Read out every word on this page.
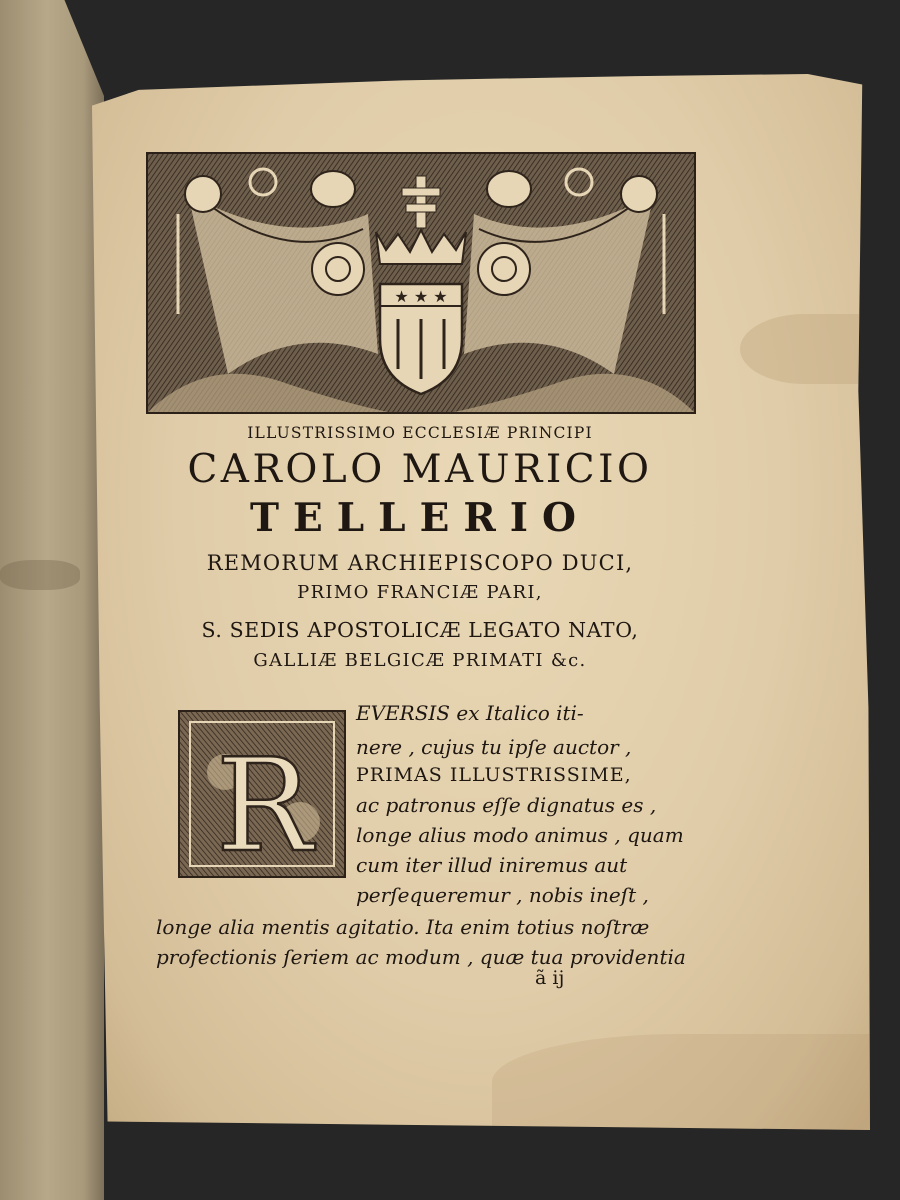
★ ★ ★

ILLUSTRISSIMO ECCLESIÆ PRINCIPI

CAROLO MAURICIO

TELLERIO

REMORUM ARCHIEPISCOPO DUCI,

PRIMO FRANCIÆ PARI,

S. SEDIS APOSTOLICÆ LEGATO NATO,

GALLIÆ BELGICÆ PRIMATI &c.

R

EVERSIS ex Italico iti-

nere , cujus tu ipſe auctor ,

PRIMAS ILLUSTRISSIME,

ac patronus eſſe dignatus es ,

longe alius modo animus , quam

cum iter illud iniremus aut

perſequeremur , nobis ineſt ,

longe alia mentis agitatio. Ita enim totius noſtræ

profectionis ſeriem ac modum , quæ tua providentia

ã ij
